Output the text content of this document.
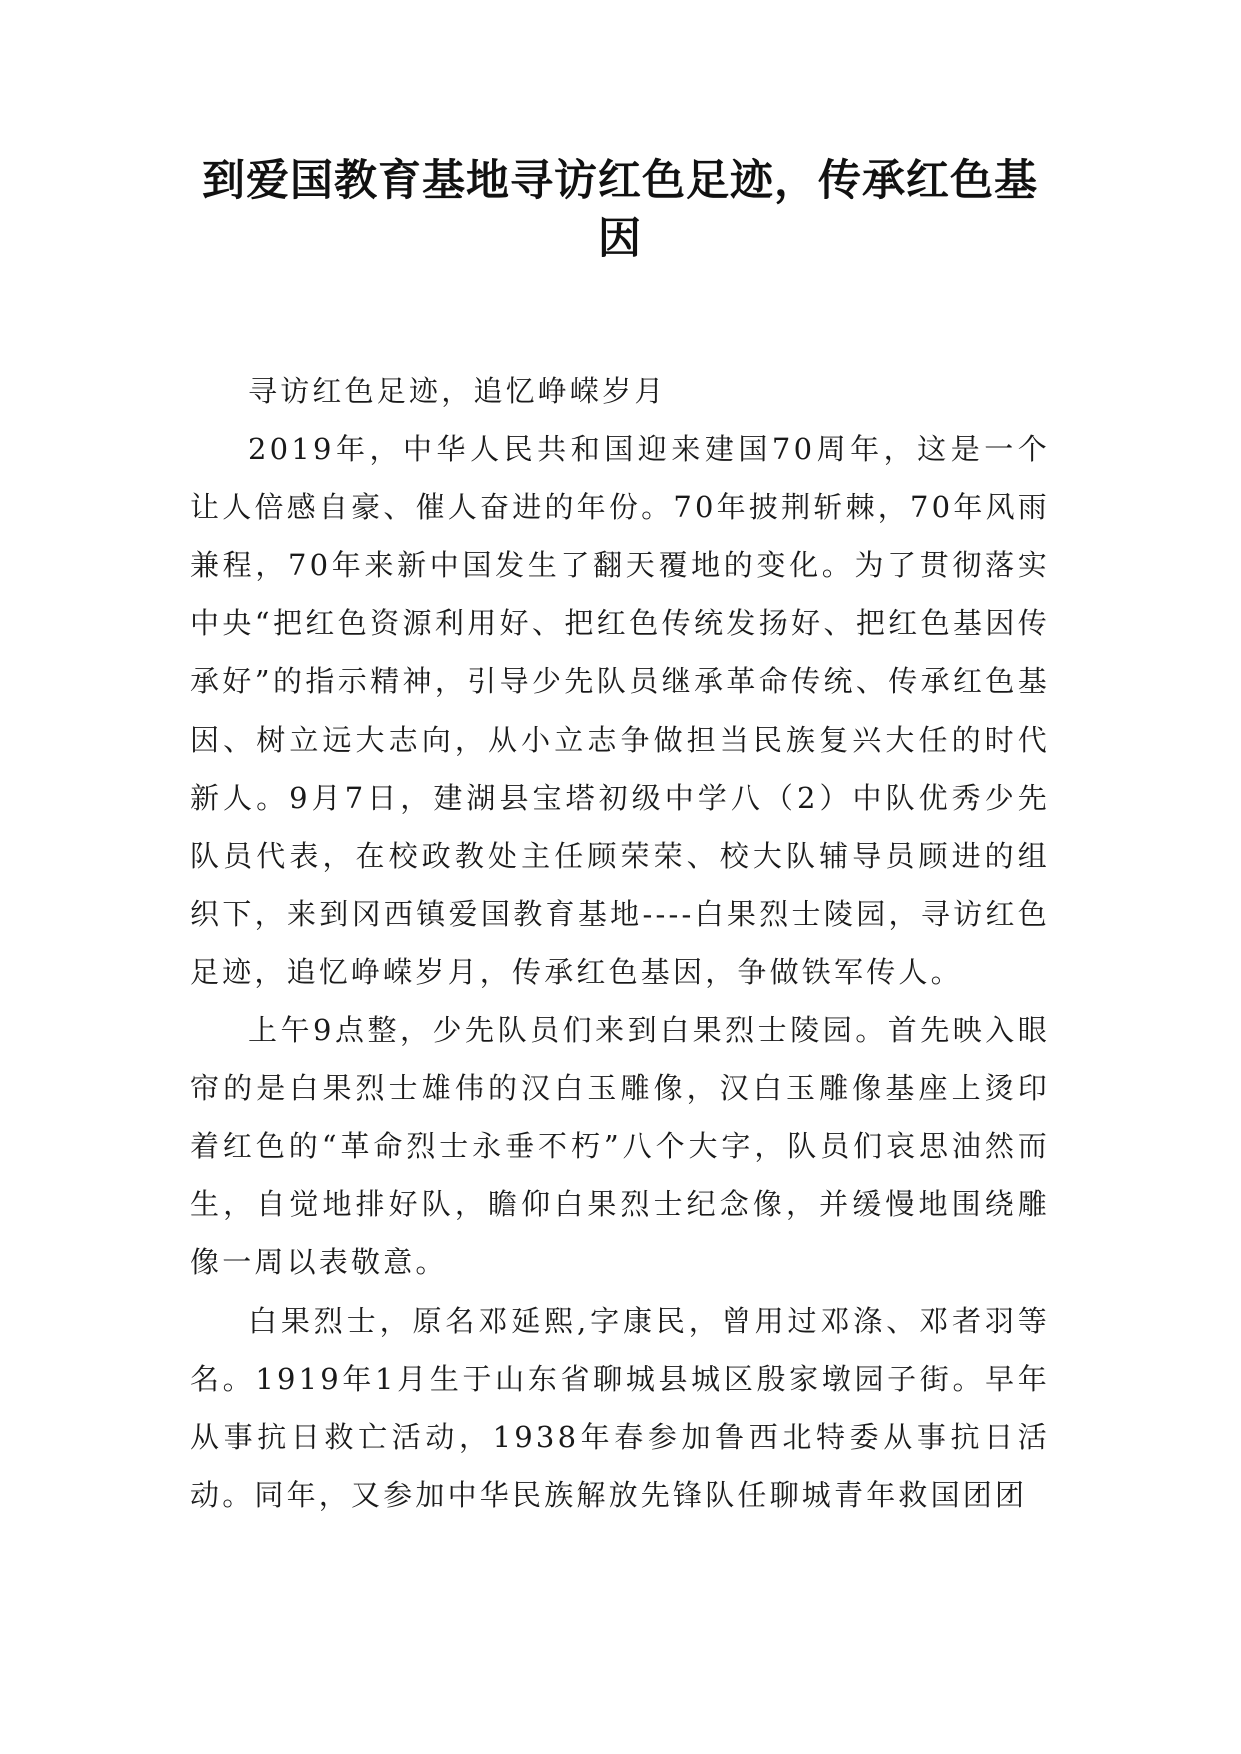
到爱国教育基地寻访红色足迹，传承红色基因

寻访红色足迹，追忆峥嵘岁月

2019年，中华人民共和国迎来建国70周年，这是一个让人倍感自豪、催人奋进的年份。70年披荆斩棘，70年风雨兼程，70年来新中国发生了翻天覆地的变化。为了贯彻落实中央“把红色资源利用好、把红色传统发扬好、把红色基因传承好”的指示精神，引导少先队员继承革命传统、传承红色基因、树立远大志向，从小立志争做担当民族复兴大任的时代新人。9月7日，建湖县宝塔初级中学八（2）中队优秀少先队员代表，在校政教处主任顾荣荣、校大队辅导员顾进的组织下，来到冈西镇爱国教育基地----白果烈士陵园，寻访红色足迹，追忆峥嵘岁月，传承红色基因，争做铁军传人。

上午9点整，少先队员们来到白果烈士陵园。首先映入眼帘的是白果烈士雄伟的汉白玉雕像，汉白玉雕像基座上烫印着红色的“革命烈士永垂不朽”八个大字，队员们哀思油然而生，自觉地排好队，瞻仰白果烈士纪念像，并缓慢地围绕雕像一周以表敬意。

白果烈士，原名邓延熙,字康民，曾用过邓涤、邓者羽等名。1919年1月生于山东省聊城县城区殷家墩园子街。早年从事抗日救亡活动，1938年春参加鲁西北特委从事抗日活动。同年，又参加中华民族解放先锋队任聊城青年救国团团
